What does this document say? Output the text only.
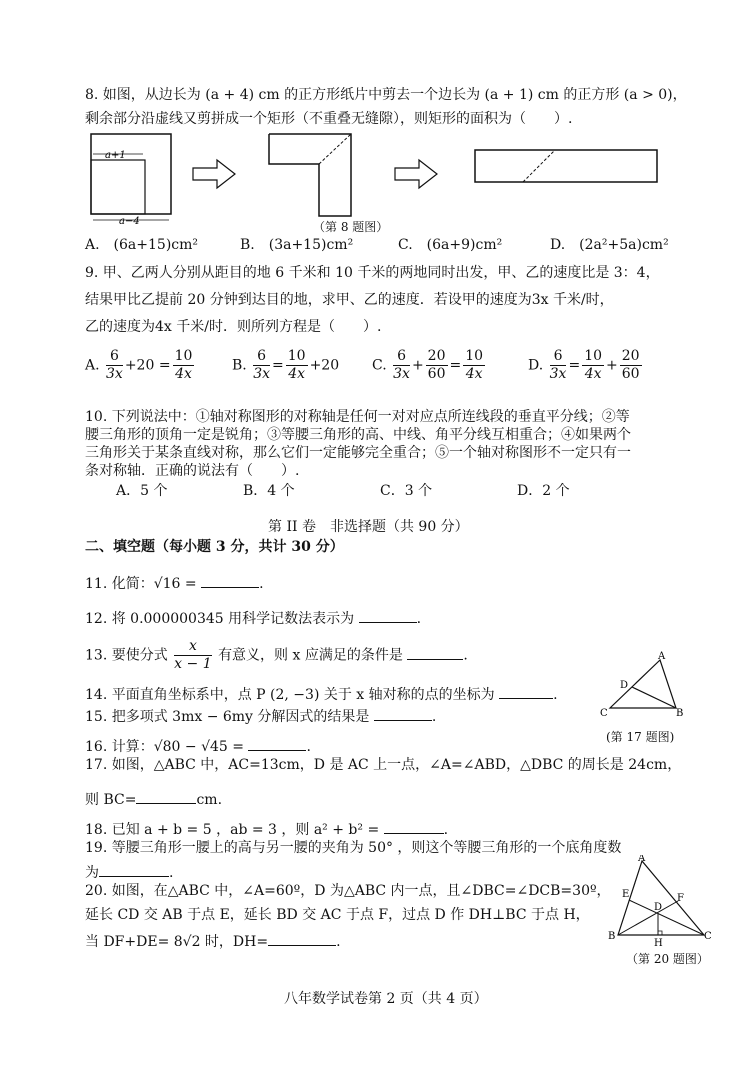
8. 如图，从边长为 (a + 4) cm 的正方形纸片中剪去一个边长为 (a + 1) cm 的正方形 (a > 0)，
剩余部分沿虚线又剪拼成一个矩形（不重叠无缝隙），则矩形的面积为（　　）.
a+1
a−4	（第 8 题图）
A.　(6a+15)cm²	B.　(3a+15)cm²	C.　(6a+9)cm²	D.　(2a²+5a)cm²
9. 甲、乙两人分别从距目的地 6 千米和 10 千米的两地同时出发，甲、乙的速度比是 3：4，
结果甲比乙提前 20 分钟到达目的地，求甲、乙的速度．若设甲的速度为3x 千米/时，
乙的速度为4x 千米/时．则所列方程是（　　）.
A. $\frac{6}{3x} +20 = \frac{10}{4x}$	B. $\frac{6}{3x} = \frac{10}{4x} +20$ C. $\frac{6}{3x} + \frac{20}{60} = \frac{10}{4x}$	D. $\frac{6}{3x} = \frac{10}{4x} + \frac{20}{60}$
10. 下列说法中：①轴对称图形的对称轴是任何一对对应点所连线段的垂直平分线；②等
腰三角形的顶角一定是锐角；③等腰三角形的高、中线、角平分线互相重合；④如果两个
三角形关于某条直线对称，那么它们一定能够完全重合；⑤一个轴对称图形不一定只有一
条对称轴．正确的说法有（　　）.
A．5 个	B．4 个	C．3 个	D．2 个
第 II 卷　非选择题（共 90 分）
二、填空题（每小题 3 分，共计 30 分）
11. 化简：√16 =	.
12. 将 0.000000345 用科学记数法表示为	.
13. 要使分式 $\frac{x}{x - 1}$ 有意义，则 x 应满足的条件是	.
14. 平面直角坐标系中，点 P (2, −3) 关于 x 轴对称的点的坐标为	.
15. 把多项式 3mx − 6my 分解因式的结果是	.
16. 计算：√80 − √45 =	.
A
D
C	B
(第 17 题图)
17. 如图，△ABC 中，AC=13cm，D 是 AC 上一点，∠A=∠ABD，△DBC 的周长是 24cm，
则 BC=	cm.
18. 已知 a + b = 5 ，ab = 3 ，则 a² + b² =	.
19. 等腰三角形一腰上的高与另一腰的夹角为 50° ，则这个等腰三角形的一个底角度数
为	.
A
E	F
D
B
H
C
（第 20 题图）
20. 如图，在△ABC 中，∠A=60º，D 为△ABC 内一点，且∠DBC=∠DCB=30º，
延长 CD 交 AB 于点 E，延长 BD 交 AC 于点 F，过点 D 作 DH⊥BC 于点 H，
当 DF+DE= 8√2 时，DH=	.
八年数学试卷第 2 页（共 4 页）
